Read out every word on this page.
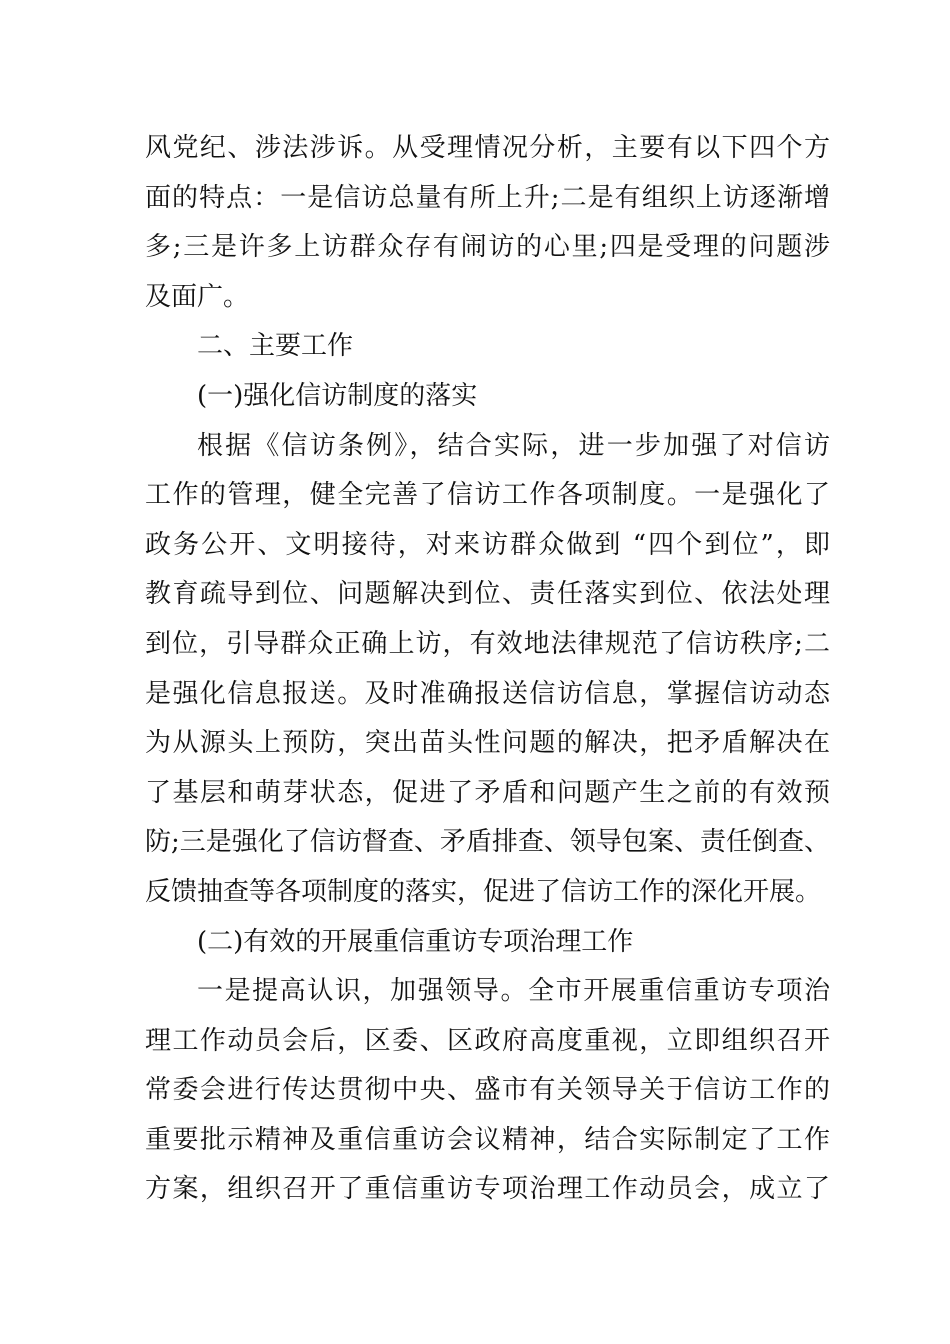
风党纪、涉法涉诉。从受理情况分析，主要有以下四个方
面的特点：一是信访总量有所上升;二是有组织上访逐渐增
多;三是许多上访群众存有闹访的心里;四是受理的问题涉
及面广。
二、主要工作
(一)强化信访制度的落实
根据《信访条例》，结合实际，进一步加强了对信访
工作的管理，健全完善了信访工作各项制度。一是强化了
政务公开、文明接待，对来访群众做到 “四个到位”，即
教育疏导到位、问题解决到位、责任落实到位、依法处理
到位，引导群众正确上访，有效地法律规范了信访秩序;二
是强化信息报送。及时准确报送信访信息，掌握信访动态
为从源头上预防，突出苗头性问题的解决，把矛盾解决在
了基层和萌芽状态，促进了矛盾和问题产生之前的有效预
防;三是强化了信访督查、矛盾排查、领导包案、责任倒查、
反馈抽查等各项制度的落实，促进了信访工作的深化开展。
(二)有效的开展重信重访专项治理工作
一是提高认识，加强领导。全市开展重信重访专项治
理工作动员会后，区委、区政府高度重视，立即组织召开
常委会进行传达贯彻中央、盛市有关领导关于信访工作的
重要批示精神及重信重访会议精神，结合实际制定了工作
方案，组织召开了重信重访专项治理工作动员会，成立了
